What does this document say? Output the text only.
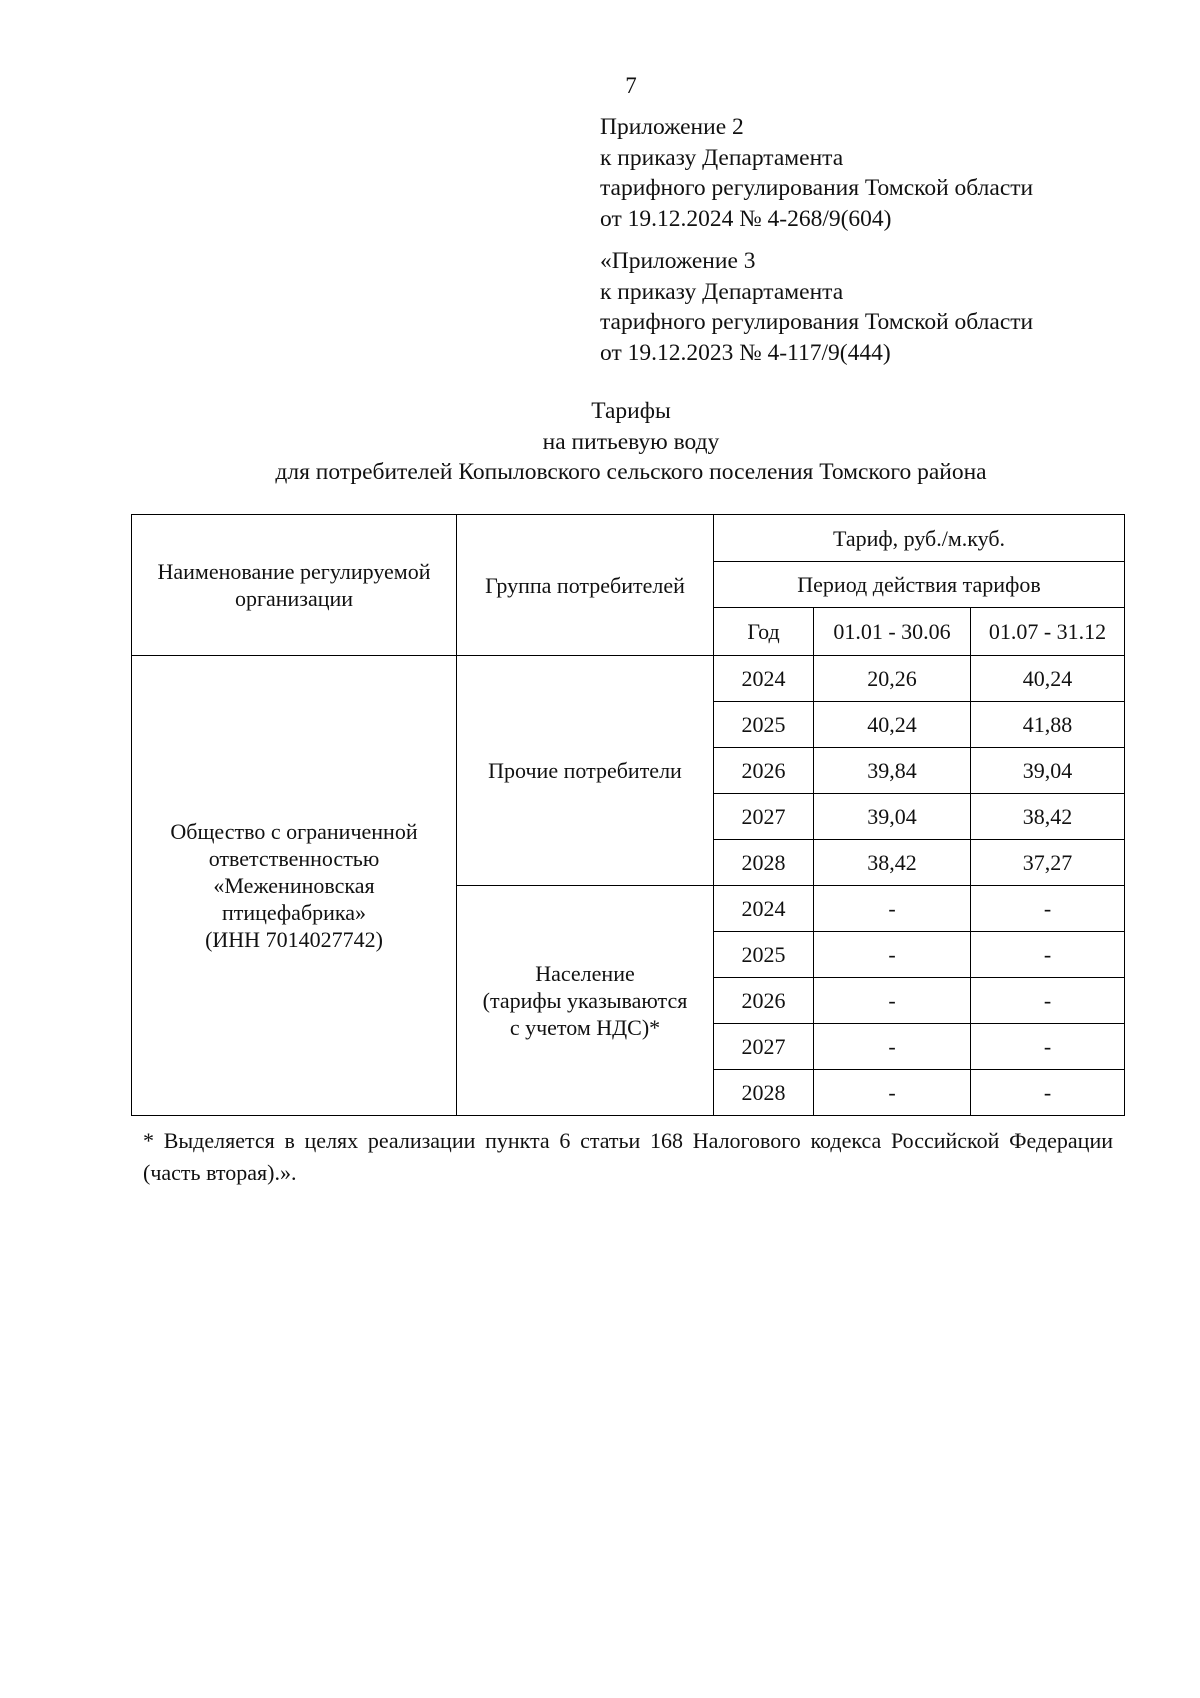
7
Приложение 2
к приказу Департамента
тарифного регулирования Томской области
от 19.12.2024 № 4-268/9(604)
«Приложение 3
к приказу Департамента
тарифного регулирования Томской области
от 19.12.2023 № 4-117/9(444)
Тарифы
на питьевую воду
для потребителей Копыловского сельского поселения Томского района
Наименование регулируемой организации	Группа потребителей	Тариф, руб./м.куб.		
		Период действия тарифов		
		Год	01.01 - 30.06	01.07 - 31.12

Общество с ограниченной
ответственностью
«Межениновская
птицефабрика»
(ИНН 7014027742)	Прочие потребители	2024	20,26	40,24
		2025	40,24	41,88
		2026	39,84	39,04
		2027	39,04	38,42
		2028	38,42	37,27

	Население
(тарифы указываются
с учетом НДС)*	2024	-	-
		2025	-	-
		2026	-	-
		2027	-	-
		2028	-	-
* Выделяется в целях реализации пункта 6 статьи 168 Налогового кодекса Российской Федерации (часть вторая).».
